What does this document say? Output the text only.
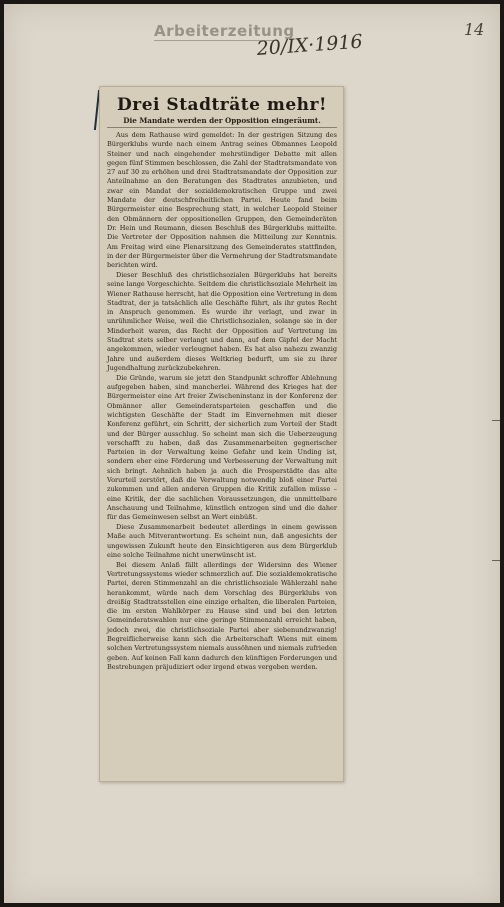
Arbeiterzeitung
20/IX·1916
14
Drei Stadträte mehr!
Die Mandate werden der Opposition eingeräumt.

Aus dem Rathause wird gemeldet: In der gestrigen Sitzung des Bürgerklubs wurde nach einem Antrag seines Obmannes Leopold Steiner und nach eingehender mehrstündiger Debatte mit allen gegen fünf Stimmen beschlossen, die Zahl der Stadtratsmandate von 27 auf 30 zu erhöhen und drei Stadtratsmandate der Opposition zur Anteilnahme an den Beratungen des Stadtrates anzubieten, und zwar ein Mandat der sozialdemokratischen Gruppe und zwei Mandate der deutschfreiheitlichen Partei. Heute fand beim Bürgermeister eine Besprechung statt, in welcher Leopold Steiner den Obmännern der oppositionellen Gruppen, den Gemeinderäten Dr. Hein und Reumann, diesen Beschluß des Bürgerklubs mitteilte. Die Vertreter der Opposition nahmen die Mitteilung zur Kenntnis. Am Freitag wird eine Plenarsitzung des Gemeinderates stattfinden, in der der Bürgermeister über die Vermehrung der Stadtratsmandate berichten wird.

Dieser Beschluß des christlichsozialen Bürgerklubs hat bereits seine lange Vorgeschichte. Seitdem die christlichsoziale Mehrheit im Wiener Rathause herrscht, hat die Opposition eine Vertretung in dem Stadtrat, der ja tatsächlich alle Geschäfte führt, als ihr gutes Recht in Anspruch genommen. Es wurde ihr verlagt, und zwar in unrühmlicher Weise, weil die Christlichsozialen, solange sie in der Minderheit waren, das Recht der Opposition auf Vertretung im Stadtrat stets selber verlangt und dann, auf dem Gipfel der Macht angekommen, wieder verleugnet haben. Es hat also nahezu zwanzig Jahre und außerdem dieses Weltkrieg bedurft, um sie zu ihrer Jugendhaltung zurückzubekehren.

Die Gründe, warum sie jetzt den Standpunkt schroffer Ablehnung aufgegeben haben, sind mancherlei. Während des Krieges hat der Bürgermeister eine Art freier Zwischeninstanz in der Konferenz der Obmänner aller Gemeinderatsparteien geschaffen und die wichtigsten Geschäfte der Stadt im Einvernehmen mit dieser Konferenz geführt, ein Schritt, der sicherlich zum Vorteil der Stadt und der Bürger ausschlug. So scheint man sich die Ueberzeugung verschafft zu haben, daß das Zusammenarbeiten gegnerischer Parteien in der Verwaltung keine Gefahr und kein Unding ist, sondern eher eine Förderung und Verbesserung der Verwaltung mit sich bringt. Aehnlich haben ja auch die Prosperstädte das alte Vorurteil zerstört, daß die Verwaltung notwendig bloß einer Partei zukommen und allen anderen Gruppen die Kritik zufallen müsse – eine Kritik, der die sachlichen Voraussetzungen, die unmittelbare Anschauung und Teilnahme, künstlich entzogen sind und die daher für das Gemeinwesen selbst an Wert einbüßt.

Diese Zusammenarbeit bedeutet allerdings in einem gewissen Maße auch Mitverantwortung. Es scheint nun, daß angesichts der ungewissen Zukunft heute den Einsichtigeren aus dem Bürgerklub eine solche Teilnahme nicht unerwünscht ist.

Bei diesem Anlaß fällt allerdings der Widersinn des Wiener Vertretungssystems wieder schmerzlich auf. Die sozialdemokratische Partei, deren Stimmenzahl an die christlichsoziale Wählerzahl nahe herankommt, würde nach dem Vorschlag des Bürgerklubs von dreißig Stadtratsstellen eine einzige erhalten, die liberalen Parteien, die im ersten Wahlkörper zu Hause sind und bei den letzten Gemeinderatswahlen nur eine geringe Stimmenzahl erreicht haben, jedoch zwei, die christlichsoziale Partei aber siebenundzwanzig! Begreiflicherweise kann sich die Arbeiterschaft Wiens mit einem solchen Vertretungssystem niemals aussöhnen und niemals zufrieden geben. Auf keinen Fall kann dadurch den künftigen Forderungen und Bestrebungen präjudiziert oder irgend etwas vergeben werden.
